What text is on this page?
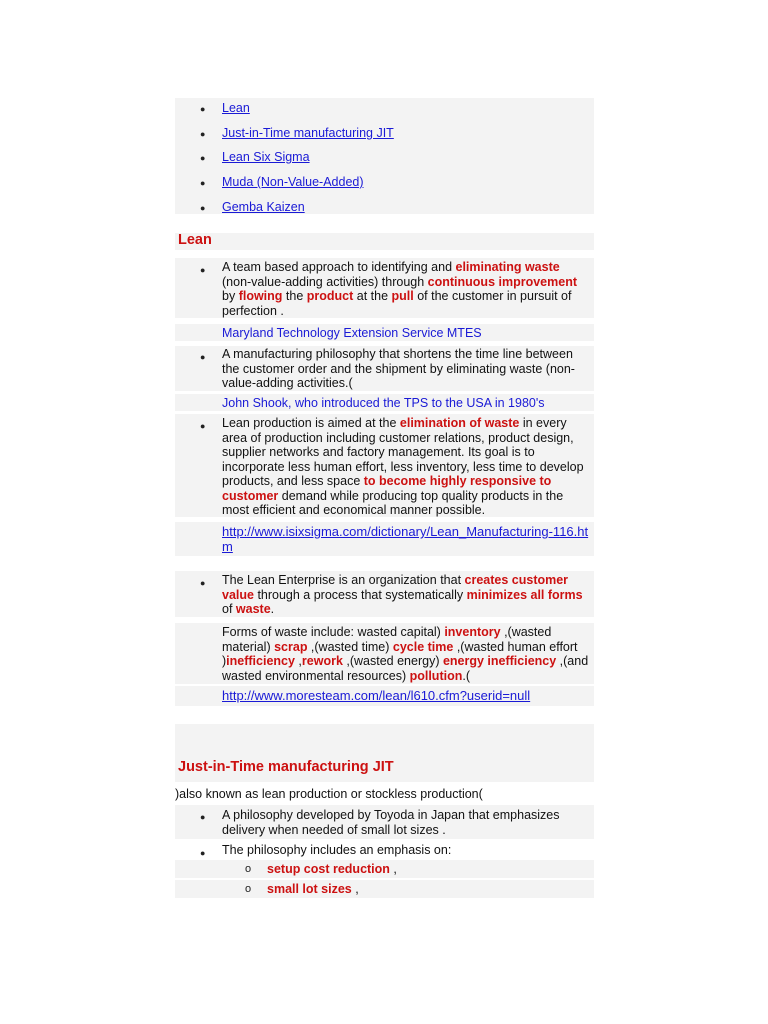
● Lean
● Just-in-Time manufacturing JIT
● Lean Six Sigma
● Muda (Non-Value-Added)
● Gemba Kaizen
Lean
● A team based approach to identifying and eliminating waste (non-value-adding activities) through continuous improvement by flowing the product at the pull of the customer in pursuit of perfection .
Maryland Technology Extension Service MTES
● A manufacturing philosophy that shortens the time line between the customer order and the shipment by eliminating waste (non-value-adding activities.(
John Shook, who introduced the TPS to the USA in 1980's
● Lean production is aimed at the elimination of waste in every area of production including customer relations, product design, supplier networks and factory management. Its goal is to incorporate less human effort, less inventory, less time to develop products, and less space to become highly responsive to customer demand while producing top quality products in the most efficient and economical manner possible.
http://www.isixsigma.com/dictionary/Lean_Manufacturing-116.htm
● The Lean Enterprise is an organization that creates customer value through a process that systematically minimizes all forms of waste.
Forms of waste include: wasted capital) inventory ,(wasted material) scrap ,(wasted time) cycle time ,(wasted human effort )inefficiency ,rework ,(wasted energy) energy inefficiency ,(and wasted environmental resources) pollution.(
http://www.moresteam.com/lean/l610.cfm?userid=null
Just-in-Time manufacturing JIT
)also known as lean production or stockless production(
● A philosophy developed by Toyoda in Japan that emphasizes delivery when needed of small lot sizes .
● The philosophy includes an emphasis on:
o setup cost reduction ,
o small lot sizes ,
